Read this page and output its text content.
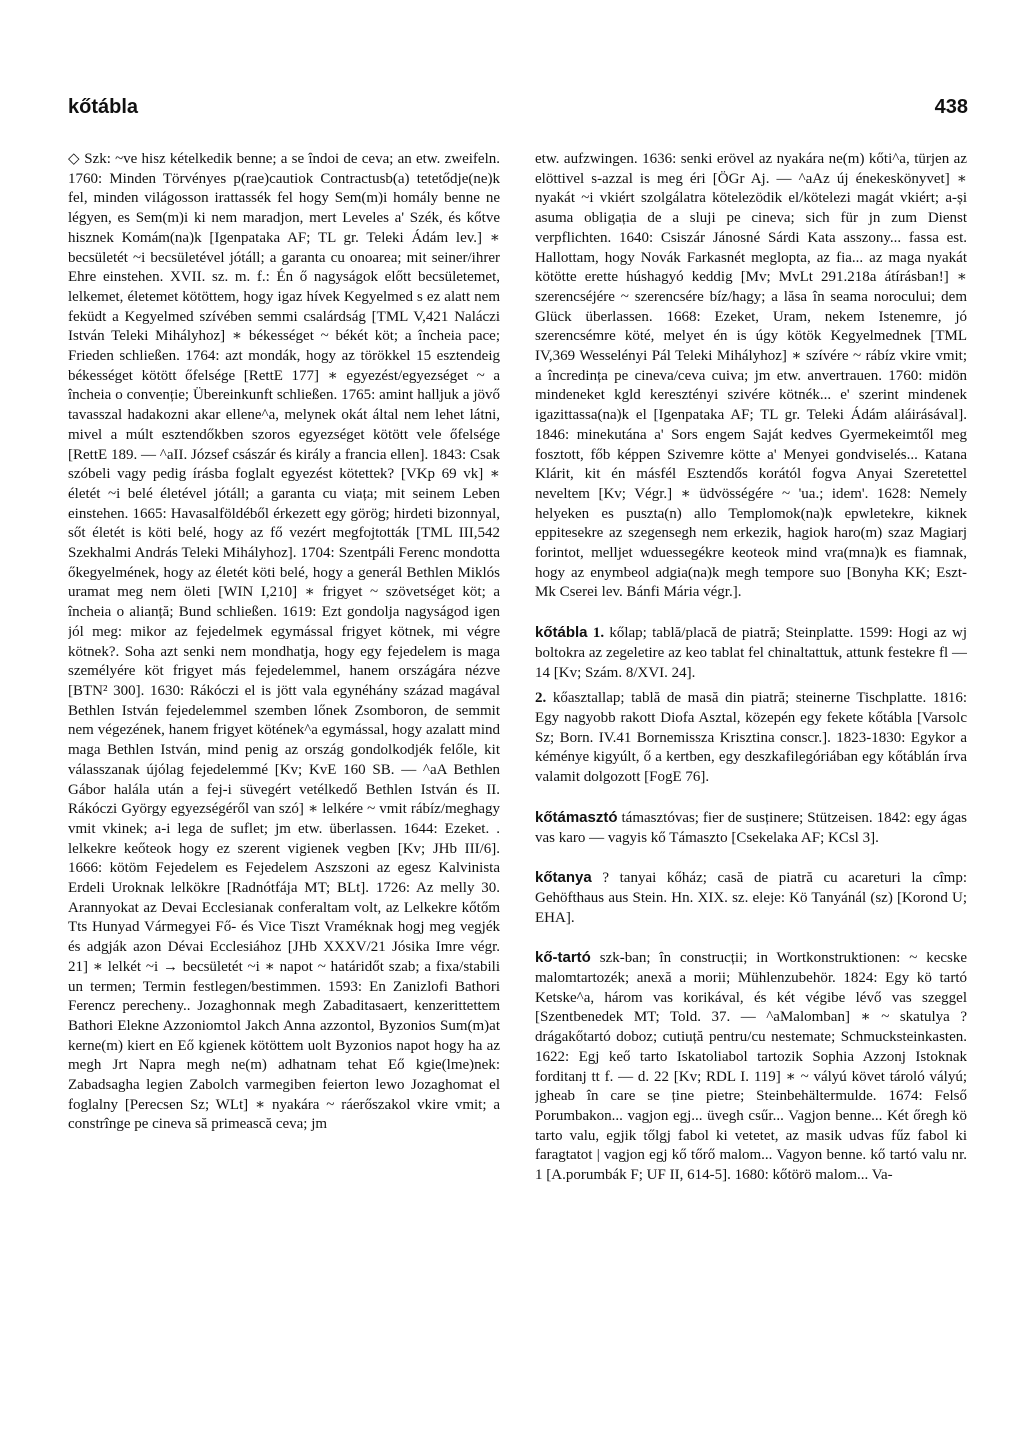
kőtábla	438

◇ Szk: ~ve hisz kételkedik benne; a se îndoi de ceva; an etw. zweifeln. 1760: Minden Törvényes p(rae)cautiok Contractusb(a) tetetődje(ne)k fel, minden világosson irattassék fel hogy Sem(m)i homály benne ne légyen, es Sem(m)i ki nem maradjon, mert Leveles a' Szék, és kőtve hisznek Komám(na)k [Igenpataka AF; TL gr. Teleki Ádám lev.] ∗ becsületét ~i becsületével jótáll; a garanta cu onoarea; mit seiner/ihrer Ehre einstehen. XVII. sz. m. f.: Én ő nagyságok előtt becsületemet, lelkemet, életemet kötöttem, hogy igaz hívek Kegyelmed s ez alatt nem feküdt a Kegyelmed szívében semmi csalárdság [TML V,421 Naláczi István Teleki Mihályhoz] ∗ békességet ~ békét köt; a încheia pace; Frieden schließen. 1764: azt mondák, hogy az törökkel 15 esztendeig békességet kötött őfelsége [RettE 177] ∗ egyezést/egyezséget ~ a încheia o convenție; Übereinkunft schließen. 1765: amint halljuk a jövő tavasszal hadakozni akar ellene^a, melynek okát által nem lehet látni, mivel a múlt esztendőkben szoros egyezséget kötött vele őfelsége [RettE 189. — ^aII. József császár és király a francia ellen]. 1843: Csak szóbeli vagy pedig írásba foglalt egyezést kötettek? [VKp 69 vk] ∗ életét ~i belé életével jótáll; a garanta cu viața; mit seinem Leben einstehen. 1665: Havasalföldéből érkezett egy görög; hirdeti bizonnyal, sőt életét is köti belé, hogy az fő vezért megfojtották [TML III,542 Szekhalmi András Teleki Mihályhoz]. 1704: Szentpáli Ferenc mondotta őkegyelmének, hogy az életét köti belé, hogy a generál Bethlen Miklós uramat meg nem öleti [WIN I,210] ∗ frigyet ~ szövetséget köt; a încheia o alianță; Bund schließen. 1619: Ezt gondolja nagyságod igen jól meg: mikor az fejedelmek egymással frigyet kötnek, mi végre kötnek?. Soha azt senki nem mondhatja, hogy egy fejedelem is maga személyére köt frigyet más fejedelemmel, hanem országára nézve [BTN² 300]. 1630: Rákóczi el is jött vala egynéhány század magával Bethlen István fejedelemmel szemben lőnek Zsomboron, de semmit nem végezének, hanem frigyet kötének^a egymással, hogy azalatt mind maga Bethlen István, mind penig az ország gondolkodjék felőle, kit válasszanak újólag fejedelemmé [Kv; KvE 160 SB. — ^aA Bethlen Gábor halála után a fej-i süvegért vetélkedő Bethlen István és II. Rákóczi György egyezségéről van szó] ∗ lelkére ~ vmit rábíz/meghagy vmit vkinek; a-i lega de suflet; jm etw. überlassen. 1644: Ezeket. . lelkekre keőteok hogy ez szerent vigienek vegben [Kv; JHb III/6]. 1666: kötöm Fejedelem es Fejedelem Aszszoni az egesz Kalvinista Erdeli Uroknak lelkökre [Radnótfája MT; BLt]. 1726: Az melly 30. Arannyokat az Devai Ecclesianak conferaltam volt, az Lelkekre kőtőm Tts Hunyad Vármegyei Fő- és Vice Tiszt Vraméknak hogj meg vegjék és adgják azon Dévai Ecclesiához [JHb XXXV/21 Jósika Imre végr. 21] ∗ lelkét ~i → becsületét ~i ∗ napot ~ határidőt szab; a fixa/stabili un termen; Termin festlegen/bestimmen. 1593: En Zanizlofi Bathori Ferencz perecheny.. Jozaghonnak megh Zabaditasaert, kenzerittettem Bathori Elekne Azzoniomtol Jakch Anna azzontol, Byzonios Sum(m)at kerne(m) kiert en Eő kgienek kötöttem uolt Byzonios napot hogy ha az megh Jrt Napra megh ne(m) adhatnam tehat Eő kgie(lme)nek: Zabadsagha legien Zabolch varmegiben feierton lewo Jozaghomat el foglalny [Perecsen Sz; WLt] ∗ nyakára ~ ráerőszakol vkire vmit; a constrînge pe cineva să primească ceva; jm

etw. aufzwingen. 1636: senki erövel az nyakára ne(m) kőti^a, türjen az elöttivel s-azzal is meg éri [ÖGr Aj. — ^aAz új énekeskönyvet] ∗ nyakát ~i vkiért szolgálatra kötelezödik el/kötelezi magát vkiért; a-și asuma obligația de a sluji pe cineva; sich für jn zum Dienst verpflichten. 1640: Csiszár Jánosné Sárdi Kata asszony... fassa est. Hallottam, hogy Novák Farkasnét meglopta, az fia... az maga nyakát kötötte erette húshagyó keddig [Mv; MvLt 291.218a átírásban!] ∗ szerencséjére ~ szerencsére bíz/hagy; a lăsa în seama norocului; dem Glück überlassen. 1668: Ezeket, Uram, nekem Istenemre, jó szerencsémre köté, melyet én is úgy kötök Kegyelmednek [TML IV,369 Wesselényi Pál Teleki Mihályhoz] ∗ szívére ~ rábíz vkire vmit; a încredința pe cineva/ceva cuiva; jm etw. anvertrauen. 1760: midön mindeneket kgld keresztényi szivére kötnék... e' szerint mindenek igazittassa(na)k el [Igenpataka AF; TL gr. Teleki Ádám aláirásával]. 1846: minekutána a' Sors engem Saját kedves Gyermekeimtől meg fosztott, főb képpen Szivemre kötte a' Menyei gondviselés... Katana Klárit, kit én másfél Esztendős korától fogva Anyai Szeretettel neveltem [Kv; Végr.] ∗ üdvösségére ~ 'ua.; idem'. 1628: Nemely helyeken es puszta(n) allo Templomok(na)k epwletekre, kiknek eppitesekre az szegensegh nem erkezik, hagiok haro(m) szaz Magiarj forintot, melljet wduessegékre keoteok mind vra(mna)k es fiamnak, hogy az enymbeol adgia(na)k megh tempore suo [Bonyha KK; Eszt-Mk Cserei lev. Bánfi Mária végr.].

kőtábla 1. kőlap; tablă/placă de piatră; Steinplatte. 1599: Hogi az wj boltokra az zegeletire az keo tablat fel chinaltattuk, attunk festekre fl — 14 [Kv; Szám. 8/XVI. 24].
2. kőasztallap; tablă de masă din piatră; steinerne Tischplatte. 1816: Egy nagyobb rakott Diofa Asztal, közepén egy fekete kőtábla [Varsolc Sz; Born. IV.41 Bornemissza Krisztina conscr.]. 1823-1830: Egykor a kéménye kigyúlt, ő a kertben, egy deszkafilegóriában egy kőtáblán írva valamit dolgozott [FogE 76].
kőtámasztó támasztóvas; fier de susținere; Stützeisen. 1842: egy ágas vas karo — vagyis kő Támaszto [Csekelaka AF; KCsl 3].
kőtanya ? tanyai kőház; casă de piatră cu acareturi la cîmp: Gehöfthaus aus Stein. Hn. XIX. sz. eleje: Kö Tanyánál (sz) [Korond U; EHA].
kő-tartó szk-ban; în construcții; in Wortkonstruktionen: ~ kecske malomtartozék; anexă a morii; Mühlenzubehör. 1824: Egy kö tartó Ketske^a, három vas korikával, és két végibe lévő vas szeggel [Szentbenedek MT; Told. 37. — ^aMalomban] ∗ ~ skatulya ? drágakőtartó doboz; cutiuță pentru/cu nestemate; Schmucksteinkasten. 1622: Egj keő tarto Iskatoliabol tartozik Sophia Azzonj Istoknak forditanj tt f. — d. 22 [Kv; RDL I. 119] ∗ ~ vályú követ tároló vályú; jgheab în care se ține pietre; Steinbehältermulde. 1674: Felső Porumbakon... vagjon egj... üvegh csűr... Vagjon benne... Két őregh kö tarto valu, egjik tőlgj fabol ki vetetet, az masik udvas fűz fabol ki faragtatot | vagjon egj kő tőrő malom... Vagyon benne. kő tartó valu nr. 1 [A.porumbák F; UF II, 614-5]. 1680: kőtörö malom... Va-
